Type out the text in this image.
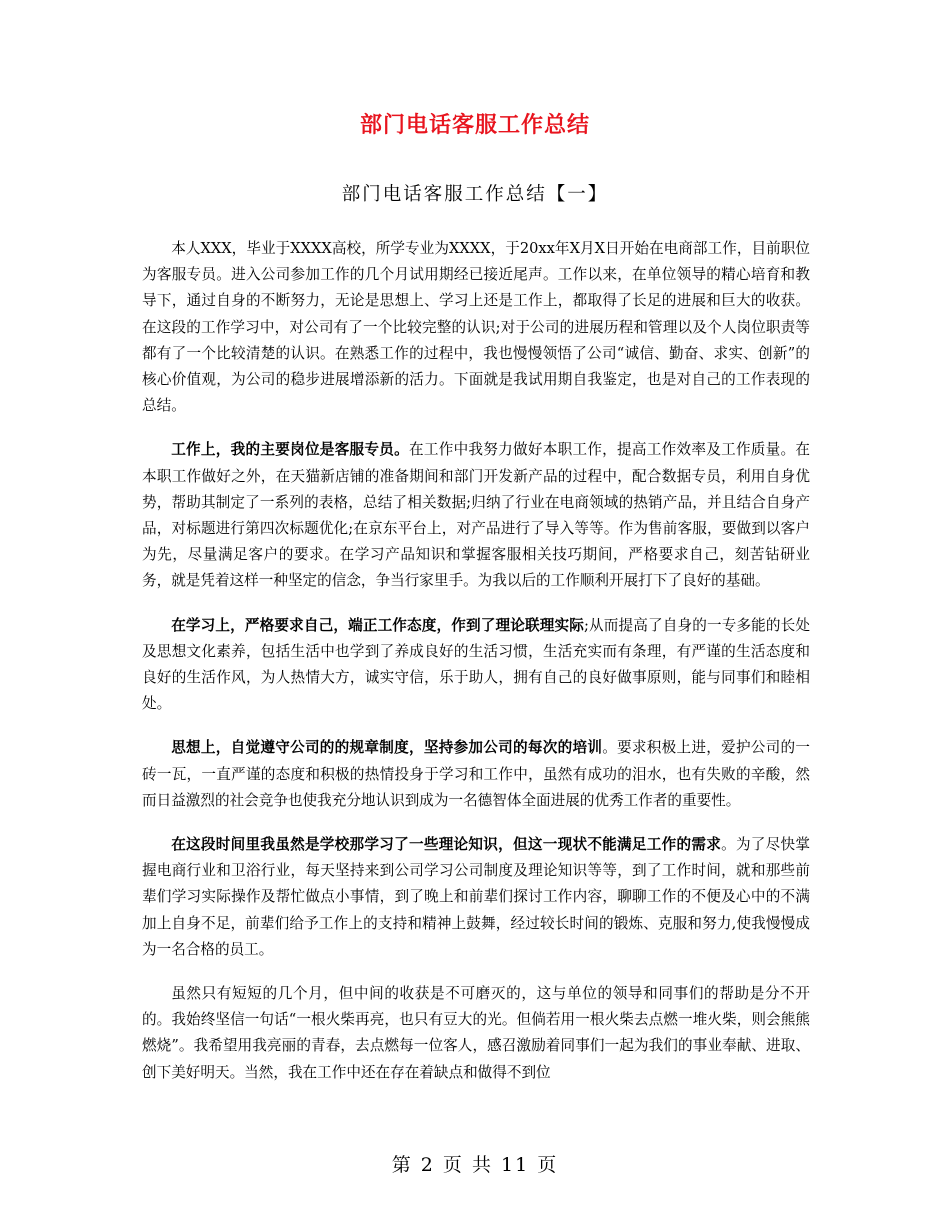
部门电话客服工作总结
部门电话客服工作总结【一】

本人XXX，毕业于XXXX高校，所学专业为XXXX，于20xx年X月X日开始在电商部工作，目前职位为客服专员。进入公司参加工作的几个月试用期经已接近尾声。工作以来，在单位领导的精心培育和教导下，通过自身的不断努力，无论是思想上、学习上还是工作上，都取得了长足的进展和巨大的收获。在这段的工作学习中，对公司有了一个比较完整的认识;对于公司的进展历程和管理以及个人岗位职责等都有了一个比较清楚的认识。在熟悉工作的过程中，我也慢慢领悟了公司“诚信、勤奋、求实、创新”的核心价值观，为公司的稳步进展增添新的活力。下面就是我试用期自我鉴定，也是对自己的工作表现的总结。

工作上，我的主要岗位是客服专员。在工作中我努力做好本职工作，提高工作效率及工作质量。在本职工作做好之外，在天猫新店铺的准备期间和部门开发新产品的过程中，配合数据专员，利用自身优势，帮助其制定了一系列的表格，总结了相关数据;归纳了行业在电商领域的热销产品，并且结合自身产品，对标题进行第四次标题优化;在京东平台上，对产品进行了导入等等。作为售前客服，要做到以客户为先，尽量满足客户的要求。在学习产品知识和掌握客服相关技巧期间，严格要求自己，刻苦钻研业务，就是凭着这样一种坚定的信念，争当行家里手。为我以后的工作顺利开展打下了良好的基础。

在学习上，严格要求自己，端正工作态度，作到了理论联理实际;从而提高了自身的一专多能的长处及思想文化素养，包括生活中也学到了养成良好的生活习惯，生活充实而有条理，有严谨的生活态度和良好的生活作风，为人热情大方，诚实守信，乐于助人，拥有自己的良好做事原则，能与同事们和睦相处。

思想上，自觉遵守公司的的规章制度，坚持参加公司的每次的培训。要求积极上进，爱护公司的一砖一瓦，一直严谨的态度和积极的热情投身于学习和工作中，虽然有成功的泪水，也有失败的辛酸，然而日益激烈的社会竞争也使我充分地认识到成为一名德智体全面进展的优秀工作者的重要性。

在这段时间里我虽然是学校那学习了一些理论知识，但这一现状不能满足工作的需求。为了尽快掌握电商行业和卫浴行业，每天坚持来到公司学习公司制度及理论知识等等，到了工作时间，就和那些前辈们学习实际操作及帮忙做点小事情，到了晚上和前辈们探讨工作内容，聊聊工作的不便及心中的不满加上自身不足，前辈们给予工作上的支持和精神上鼓舞，经过较长时间的锻炼、克服和努力,使我慢慢成为一名合格的员工。

虽然只有短短的几个月，但中间的收获是不可磨灭的，这与单位的领导和同事们的帮助是分不开的。我始终坚信一句话“一根火柴再亮，也只有豆大的光。但倘若用一根火柴去点燃一堆火柴，则会熊熊燃烧”。我希望用我亮丽的青春，去点燃每一位客人，感召激励着同事们一起为我们的事业奉献、进取、创下美好明天。当然，我在工作中还在存在着缺点和做得不到位

第 2 页 共 11 页
